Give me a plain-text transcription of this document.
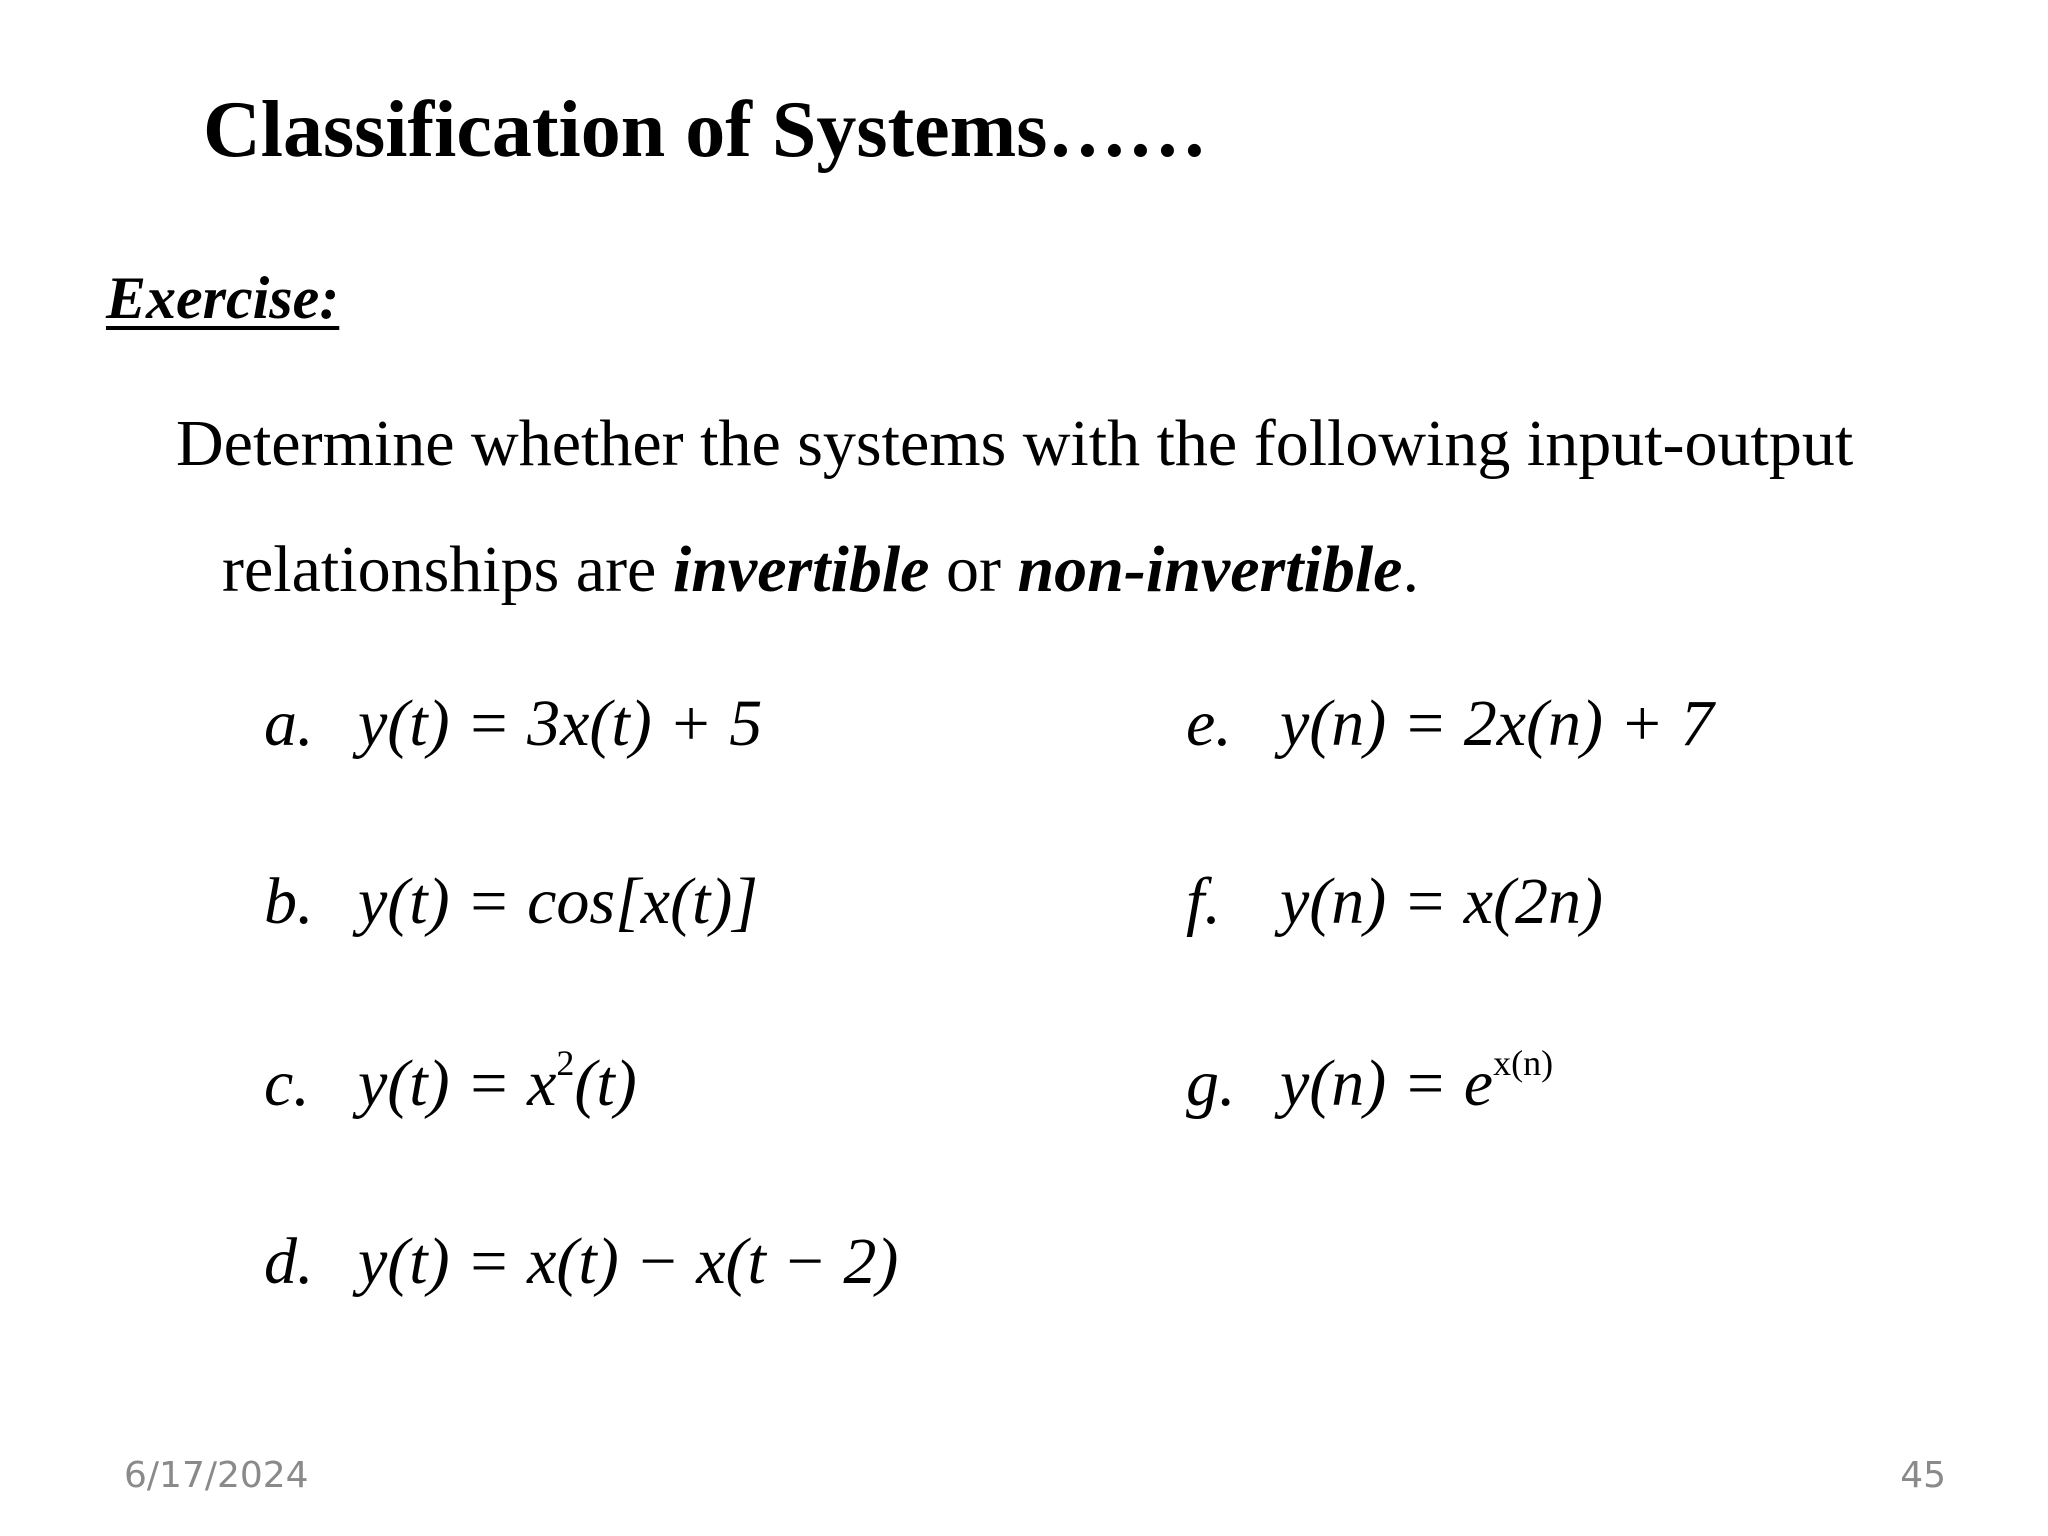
Classification of Systems……
Exercise:
Determine whether the systems with the following input-output
relationships are invertible or non-invertible.
a. y(t) = 3x(t) + 5
b. y(t) = cos[x(t)]
c. $y(t) = x^2(t)$
d. y(t) = x(t) − x(t − 2)
e. y(n) = 2x(n) + 7
f. y(n) = x(2n)
g. $y(n) = e^{x(n)}$
6/17/2024	45
